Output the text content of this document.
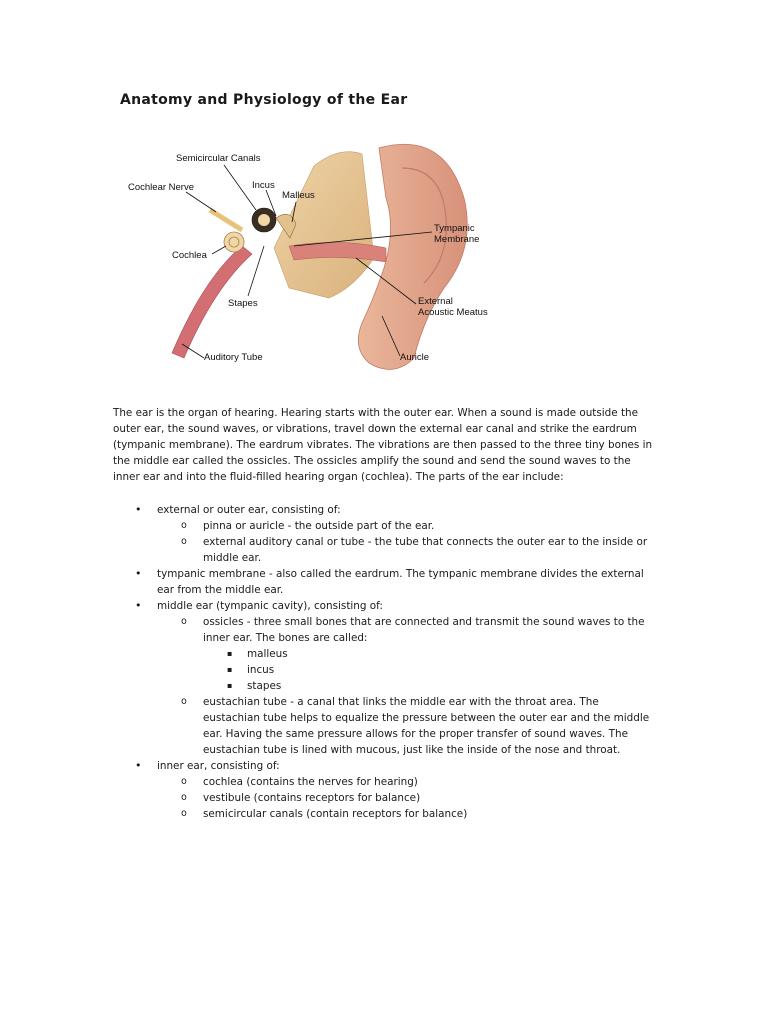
Anatomy and Physiology of the Ear
Semicircular Canals
Incus
Malleus
Cochlear Nerve
Cochlea
Tympanic
Membrane
Stapes	External
Acoustic Meatus
Auditory Tube	Auricle

The ear is the organ of hearing. Hearing starts with the outer ear. When a sound is made outside the outer ear, the sound waves, or vibrations, travel down the external ear canal and strike the eardrum (tympanic membrane). The eardrum vibrates. The vibrations are then passed to the three tiny bones in the middle ear called the ossicles. The ossicles amplify the sound and send the sound waves to the inner ear and into the fluid-filled hearing organ (cochlea). The parts of the ear include:

• external or outer ear, consisting of:
o pinna or auricle - the outside part of the ear.
o external auditory canal or tube - the tube that connects the outer ear to the inside or middle ear.
• tympanic membrane - also called the eardrum. The tympanic membrane divides the external ear from the middle ear.
• middle ear (tympanic cavity), consisting of:
o ossicles - three small bones that are connected and transmit the sound waves to the inner ear. The bones are called:
▪ malleus
▪ incus
▪ stapes
o eustachian tube - a canal that links the middle ear with the throat area. The eustachian tube helps to equalize the pressure between the outer ear and the middle ear. Having the same pressure allows for the proper transfer of sound waves. The eustachian tube is lined with mucous, just like the inside of the nose and throat.
• inner ear, consisting of:
o cochlea (contains the nerves for hearing)
o vestibule (contains receptors for balance)
o semicircular canals (contain receptors for balance)
